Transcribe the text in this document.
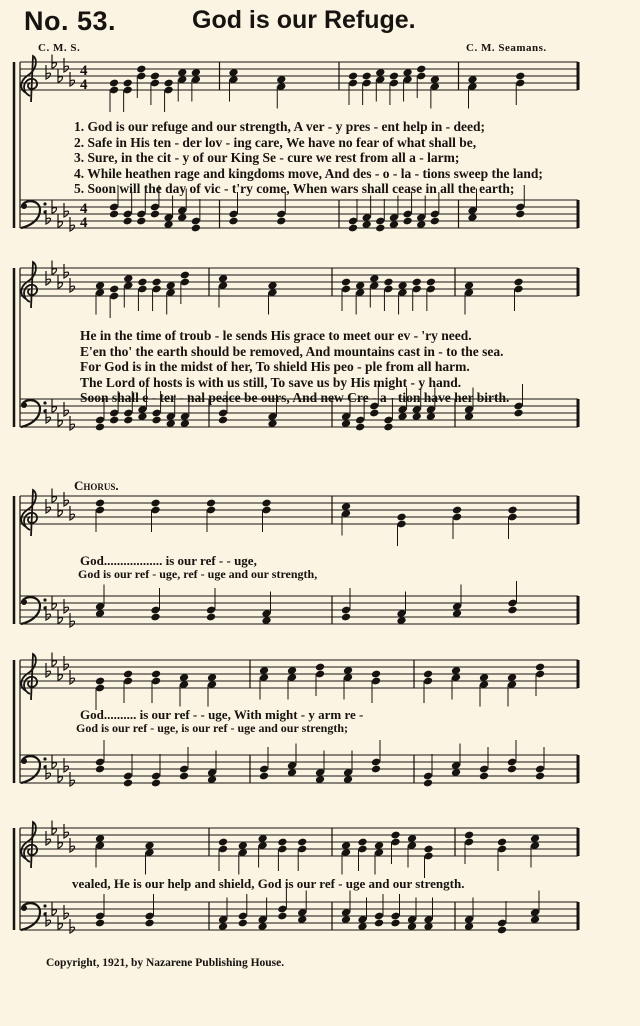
No. 53.	God is our Refuge.
C. M. S.	C. M. Seamans.
4
4
4
4
1. God is our refuge and our strength, A ver - y pres - ent help in - deed;
2. Safe in His ten - der lov - ing care, We have no fear of what shall be,
3. Sure, in the cit - y of our King Se - cure we rest from all a - larm;
4. While heathen rage and kingdoms move, And des - o - la - tions sweep the land;
5. Soon will the day of vic - t'ry come, When wars shall cease in all the earth;
He in the time of troub - le sends His grace to meet our ev - 'ry need.
E'en tho' the earth should be removed, And mountains cast in - to the sea.
For God is in the midst of her, To shield His peo - ple from all harm.
The Lord of hosts is with us still, To save us by His might - y hand.
Soon shall e - ter - nal peace be ours, And new Cre - a - tion have her birth.
Chorus.
God.................. is our ref - - uge,
God is our ref - uge, ref - uge and our strength,
God.......... is our ref - - uge, With might - y arm re -
God is our ref - uge, is our ref - uge and our strength;
vealed, He is our help and shield, God is our ref - uge and our strength.
Copyright, 1921, by Nazarene Publishing House.
